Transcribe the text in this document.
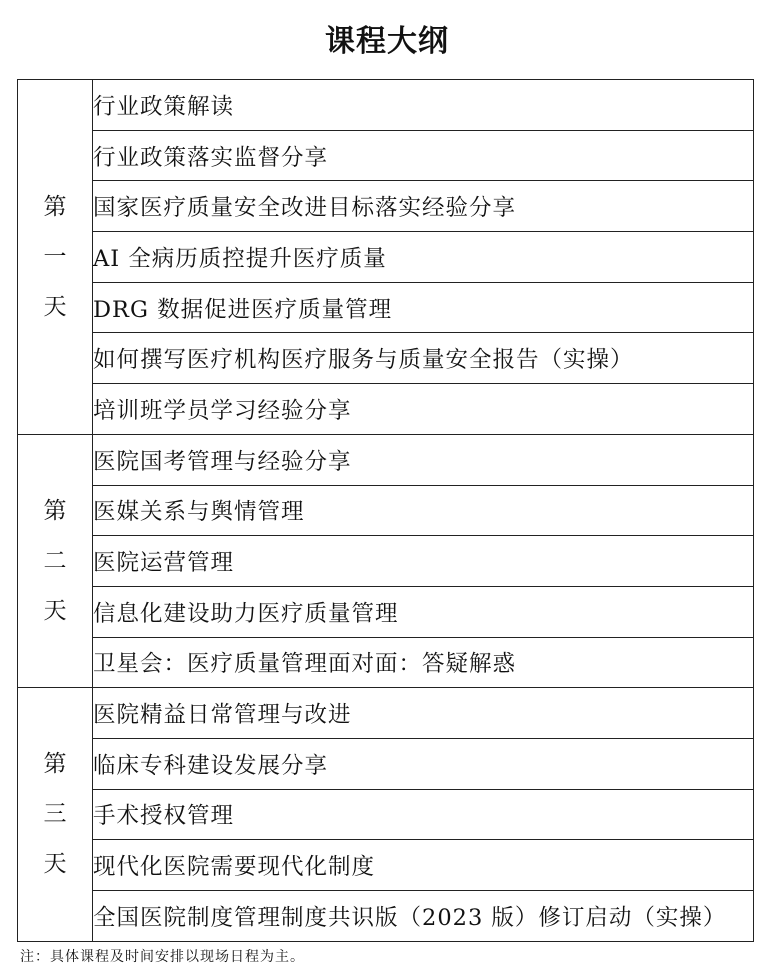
课程大纲
第
一
天	行业政策解读
	行业政策落实监督分享
	国家医疗质量安全改进目标落实经验分享
	AI 全病历质控提升医疗质量
	DRG 数据促进医疗质量管理
	如何撰写医疗机构医疗服务与质量安全报告（实操）
	培训班学员学习经验分享

第
二
天	医院国考管理与经验分享
	医媒关系与舆情管理
	医院运营管理
	信息化建设助力医疗质量管理
	卫星会：医疗质量管理面对面：答疑解惑

第
三
天	医院精益日常管理与改进
	临床专科建设发展分享
	手术授权管理
	现代化医院需要现代化制度
	全国医院制度管理制度共识版（2023 版）修订启动（实操）
注：具体课程及时间安排以现场日程为主。
